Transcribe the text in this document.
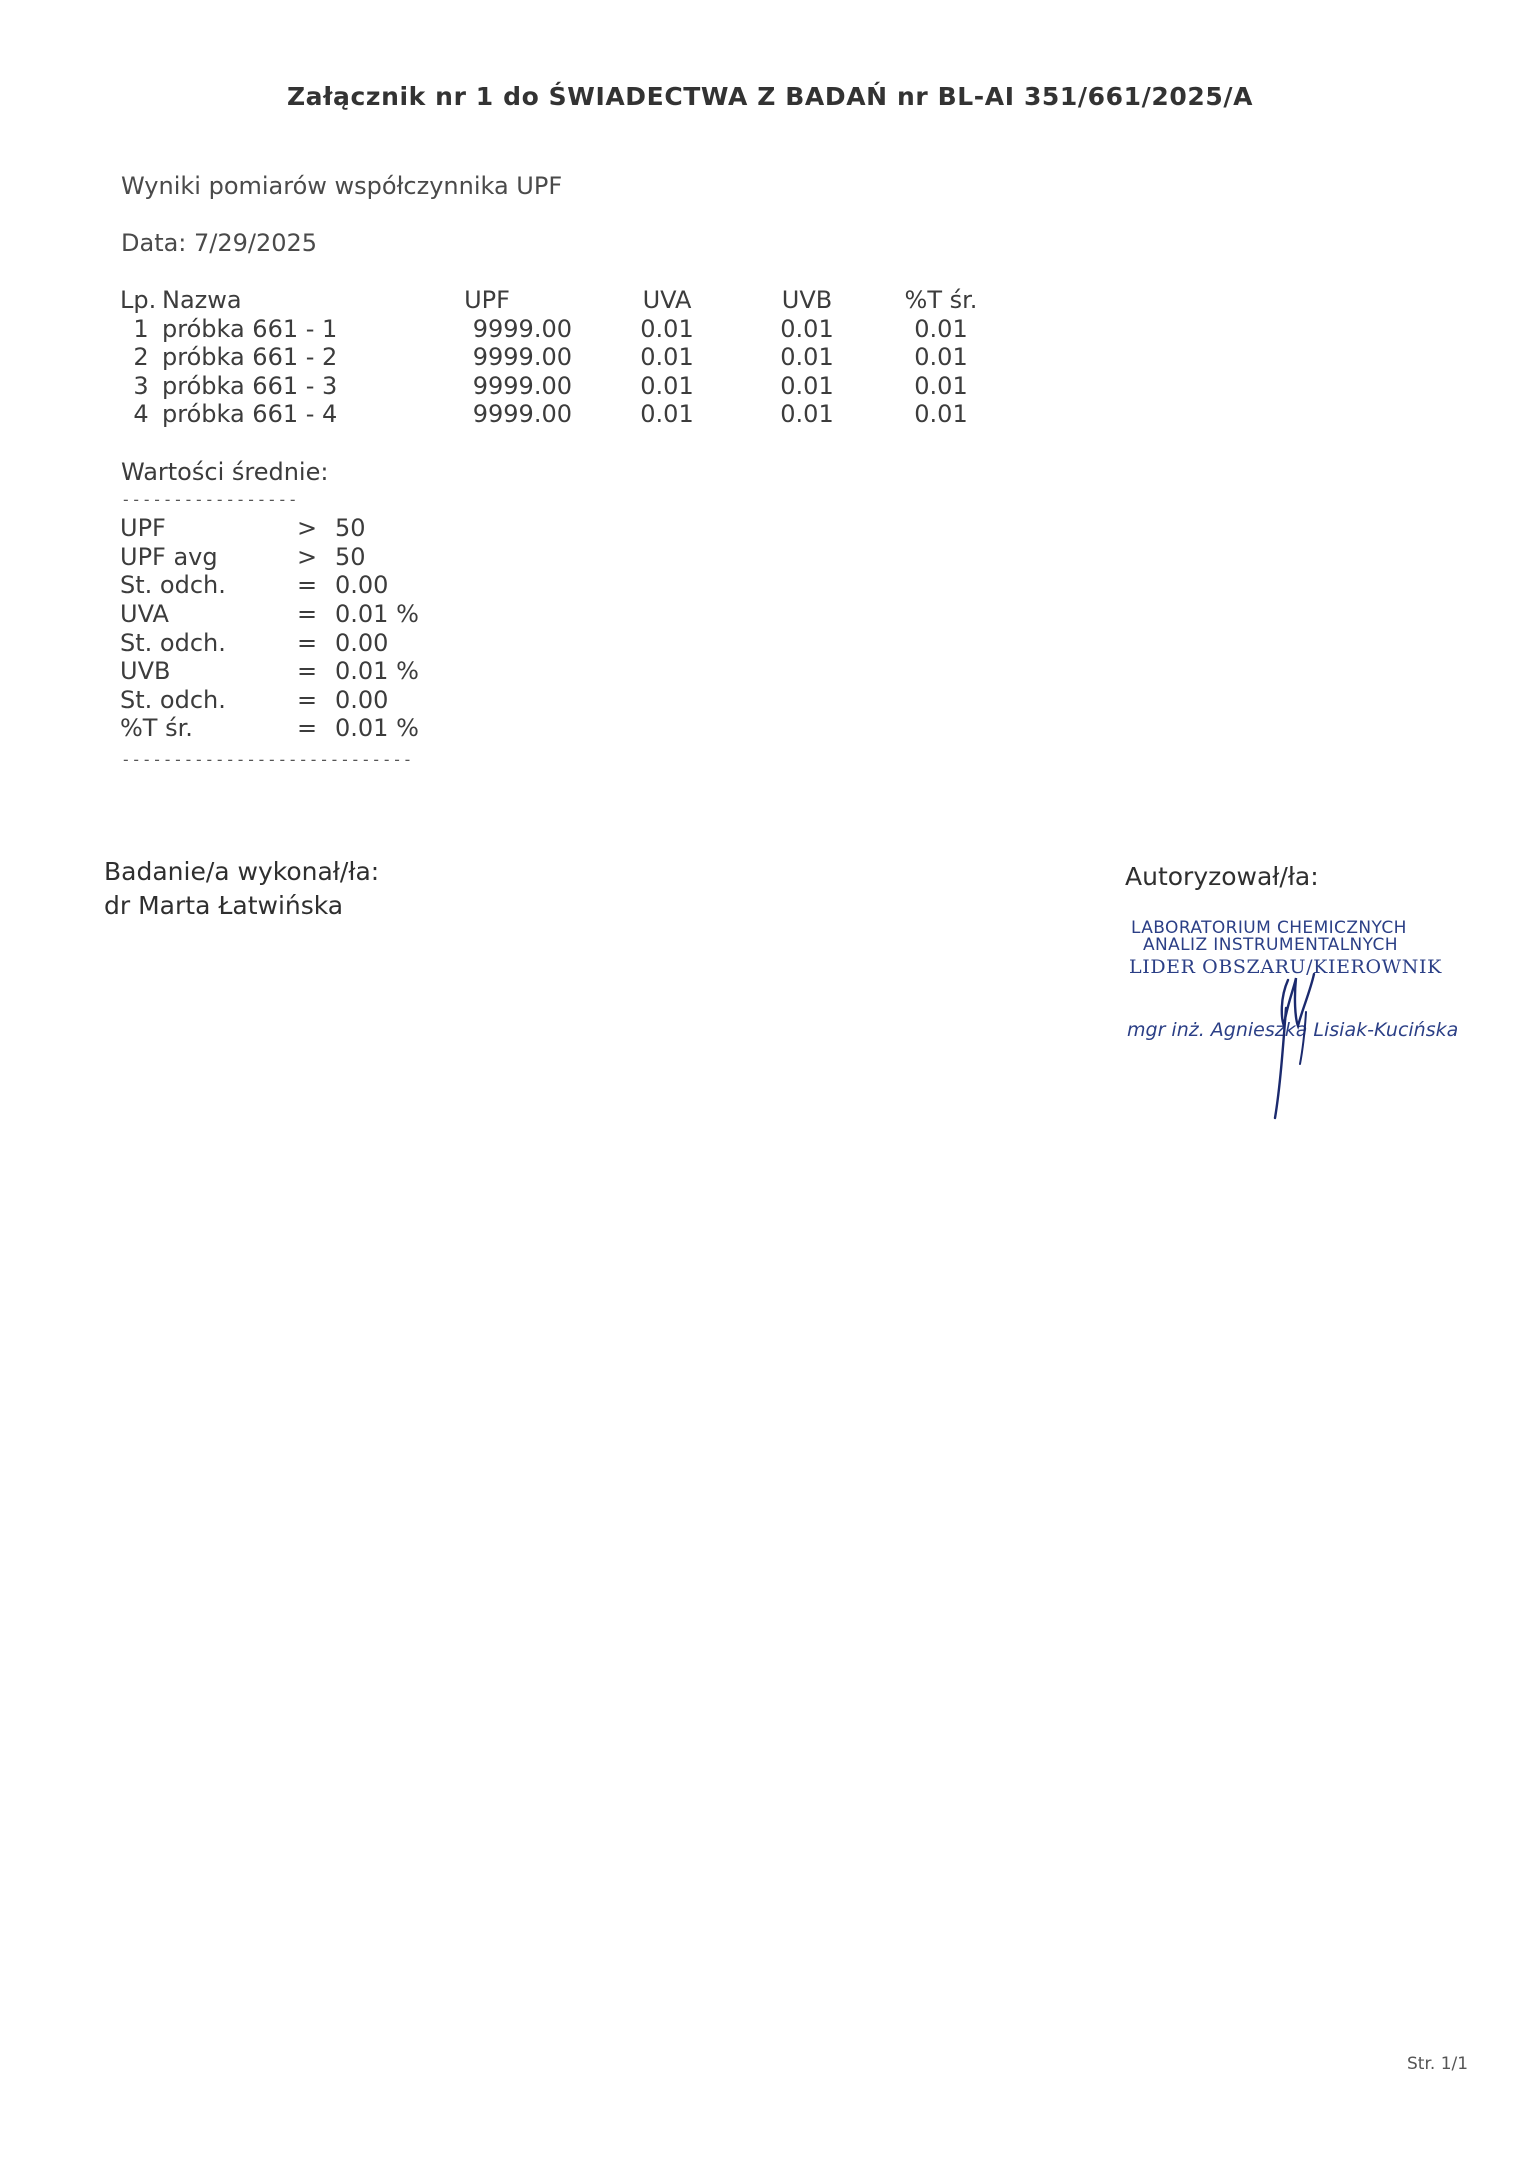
Załącznik nr 1 do ŚWIADECTWA Z BADAŃ nr BL-AI 351/661/2025/A
Wyniki pomiarów współczynnika UPF
Data: 7/29/2025
Lp.	Nazwa	UPF	UVA	UVB	%T śr.
1	próbka 661 - 1	9999.00	0.01	0.01	0.01
2	próbka 661 - 2	9999.00	0.01	0.01	0.01
3	próbka 661 - 3	9999.00	0.01	0.01	0.01
4	próbka 661 - 4	9999.00	0.01	0.01	0.01
Wartości średnie:
-----------------
UPF	>	50
UPF avg	>	50
St. odch.	=	0.00
UVA	=	0.01 %
St. odch.	=	0.00
UVB	=	0.01 %
St. odch.	=	0.00
%T śr.	=	0.01 %
----------------------------
Badanie/a wykonał/ła:
dr Marta Łatwińska
Autoryzował/ła:
LABORATORIUM CHEMICZNYCH
ANALIZ INSTRUMENTALNYCH
LIDER OBSZARU/KIEROWNIK
mgr inż. Agnieszka Lisiak-Kucińska
Str. 1/1
